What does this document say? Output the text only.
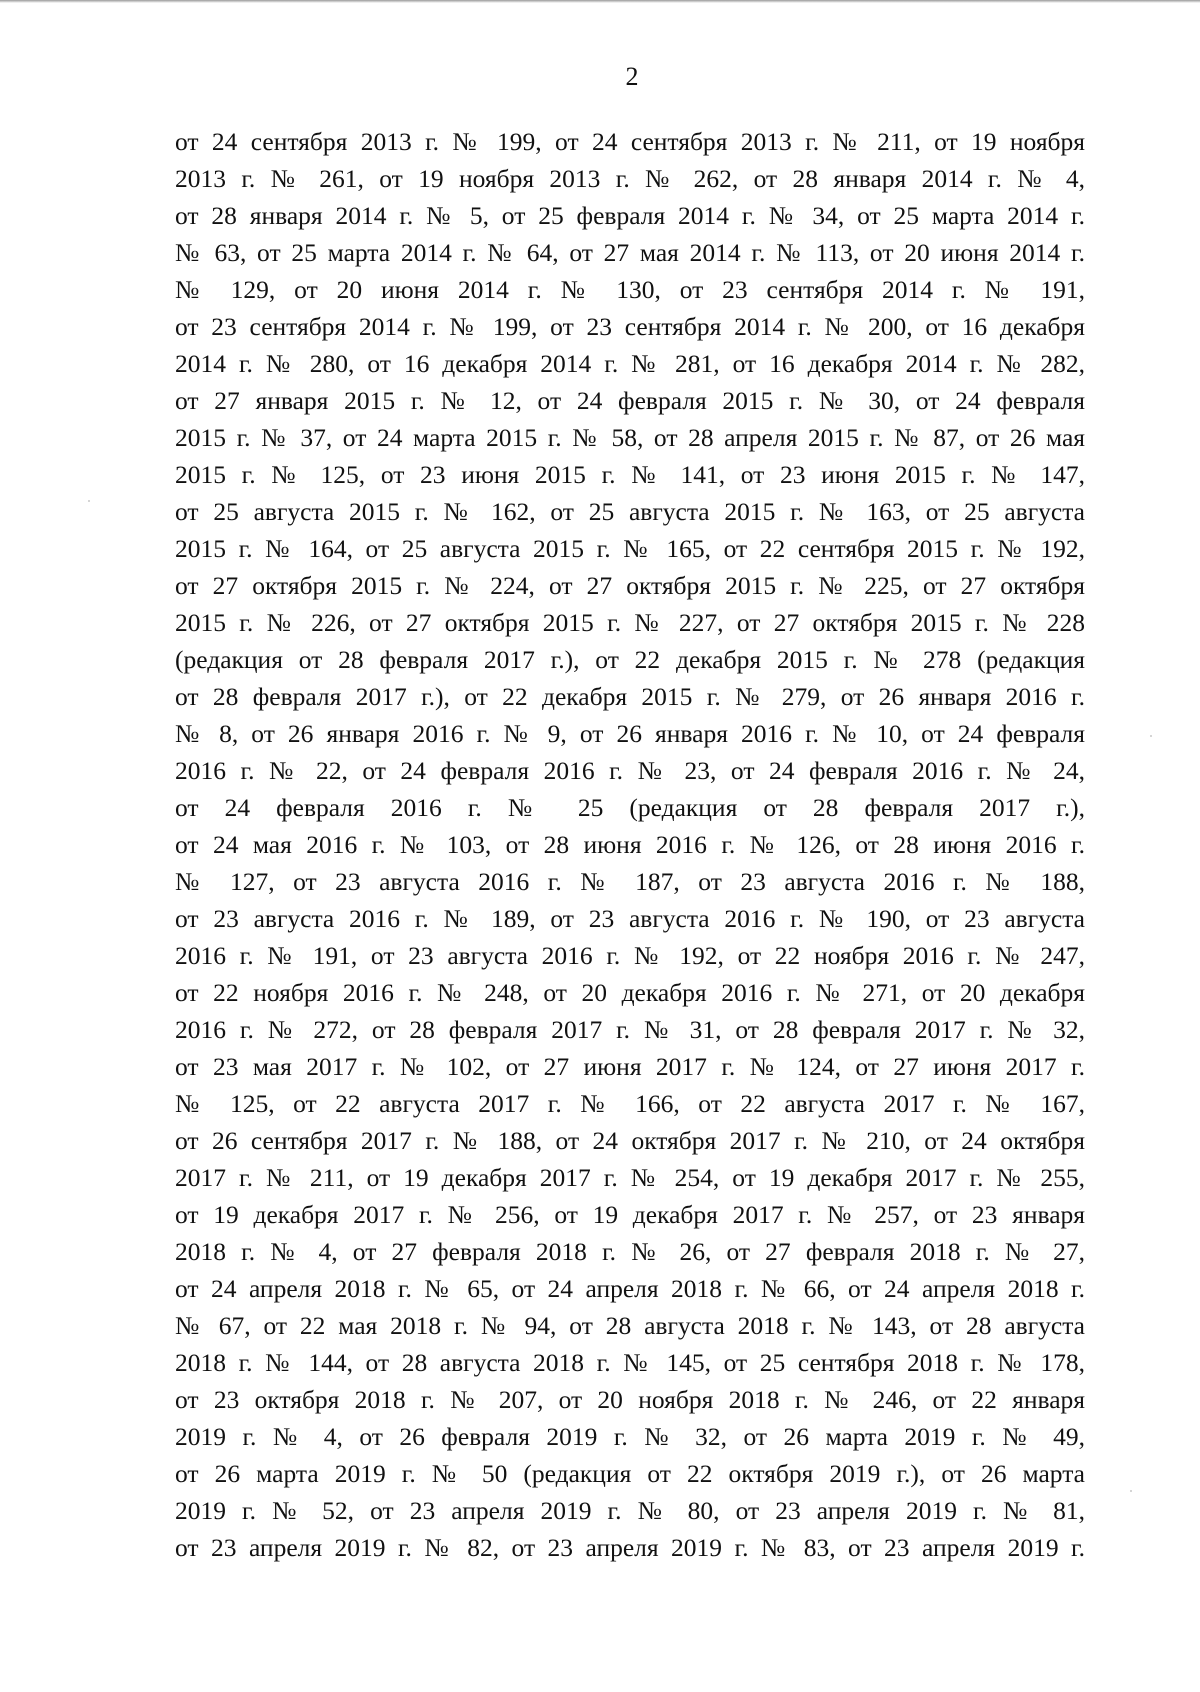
2
от 24 сентября 2013 г. № 199, от 24 сентября 2013 г. № 211, от 19 ноября
2013 г. № 261, от 19 ноября 2013 г. № 262, от 28 января 2014 г. № 4,
от 28 января 2014 г. № 5, от 25 февраля 2014 г. № 34, от 25 марта 2014 г.
№ 63, от 25 марта 2014 г. № 64, от 27 мая 2014 г. № 113, от 20 июня 2014 г.
№ 129, от 20 июня 2014 г. № 130, от 23 сентября 2014 г. № 191,
от 23 сентября 2014 г. № 199, от 23 сентября 2014 г. № 200, от 16 декабря
2014 г. № 280, от 16 декабря 2014 г. № 281, от 16 декабря 2014 г. № 282,
от 27 января 2015 г. № 12, от 24 февраля 2015 г. № 30, от 24 февраля
2015 г. № 37, от 24 марта 2015 г. № 58, от 28 апреля 2015 г. № 87, от 26 мая
2015 г. № 125, от 23 июня 2015 г. № 141, от 23 июня 2015 г. № 147,
от 25 августа 2015 г. № 162, от 25 августа 2015 г. № 163, от 25 августа
2015 г. № 164, от 25 августа 2015 г. № 165, от 22 сентября 2015 г. № 192,
от 27 октября 2015 г. № 224, от 27 октября 2015 г. № 225, от 27 октября
2015 г. № 226, от 27 октября 2015 г. № 227, от 27 октября 2015 г. № 228
(редакция от 28 февраля 2017 г.), от 22 декабря 2015 г. № 278 (редакция
от 28 февраля 2017 г.), от 22 декабря 2015 г. № 279, от 26 января 2016 г.
№ 8, от 26 января 2016 г. № 9, от 26 января 2016 г. № 10, от 24 февраля
2016 г. № 22, от 24 февраля 2016 г. № 23, от 24 февраля 2016 г. № 24,
от 24 февраля 2016 г. № 25 (редакция от 28 февраля 2017 г.),
от 24 мая 2016 г. № 103, от 28 июня 2016 г. № 126, от 28 июня 2016 г.
№ 127, от 23 августа 2016 г. № 187, от 23 августа 2016 г. № 188,
от 23 августа 2016 г. № 189, от 23 августа 2016 г. № 190, от 23 августа
2016 г. № 191, от 23 августа 2016 г. № 192, от 22 ноября 2016 г. № 247,
от 22 ноября 2016 г. № 248, от 20 декабря 2016 г. № 271, от 20 декабря
2016 г. № 272, от 28 февраля 2017 г. № 31, от 28 февраля 2017 г. № 32,
от 23 мая 2017 г. № 102, от 27 июня 2017 г. № 124, от 27 июня 2017 г.
№ 125, от 22 августа 2017 г. № 166, от 22 августа 2017 г. № 167,
от 26 сентября 2017 г. № 188, от 24 октября 2017 г. № 210, от 24 октября
2017 г. № 211, от 19 декабря 2017 г. № 254, от 19 декабря 2017 г. № 255,
от 19 декабря 2017 г. № 256, от 19 декабря 2017 г. № 257, от 23 января
2018 г. № 4, от 27 февраля 2018 г. № 26, от 27 февраля 2018 г. № 27,
от 24 апреля 2018 г. № 65, от 24 апреля 2018 г. № 66, от 24 апреля 2018 г.
№ 67, от 22 мая 2018 г. № 94, от 28 августа 2018 г. № 143, от 28 августа
2018 г. № 144, от 28 августа 2018 г. № 145, от 25 сентября 2018 г. № 178,
от 23 октября 2018 г. № 207, от 20 ноября 2018 г. № 246, от 22 января
2019 г. № 4, от 26 февраля 2019 г. № 32, от 26 марта 2019 г. № 49,
от 26 марта 2019 г. № 50 (редакция от 22 октября 2019 г.), от 26 марта
2019 г. № 52, от 23 апреля 2019 г. № 80, от 23 апреля 2019 г. № 81,
от 23 апреля 2019 г. № 82, от 23 апреля 2019 г. № 83, от 23 апреля 2019 г.
